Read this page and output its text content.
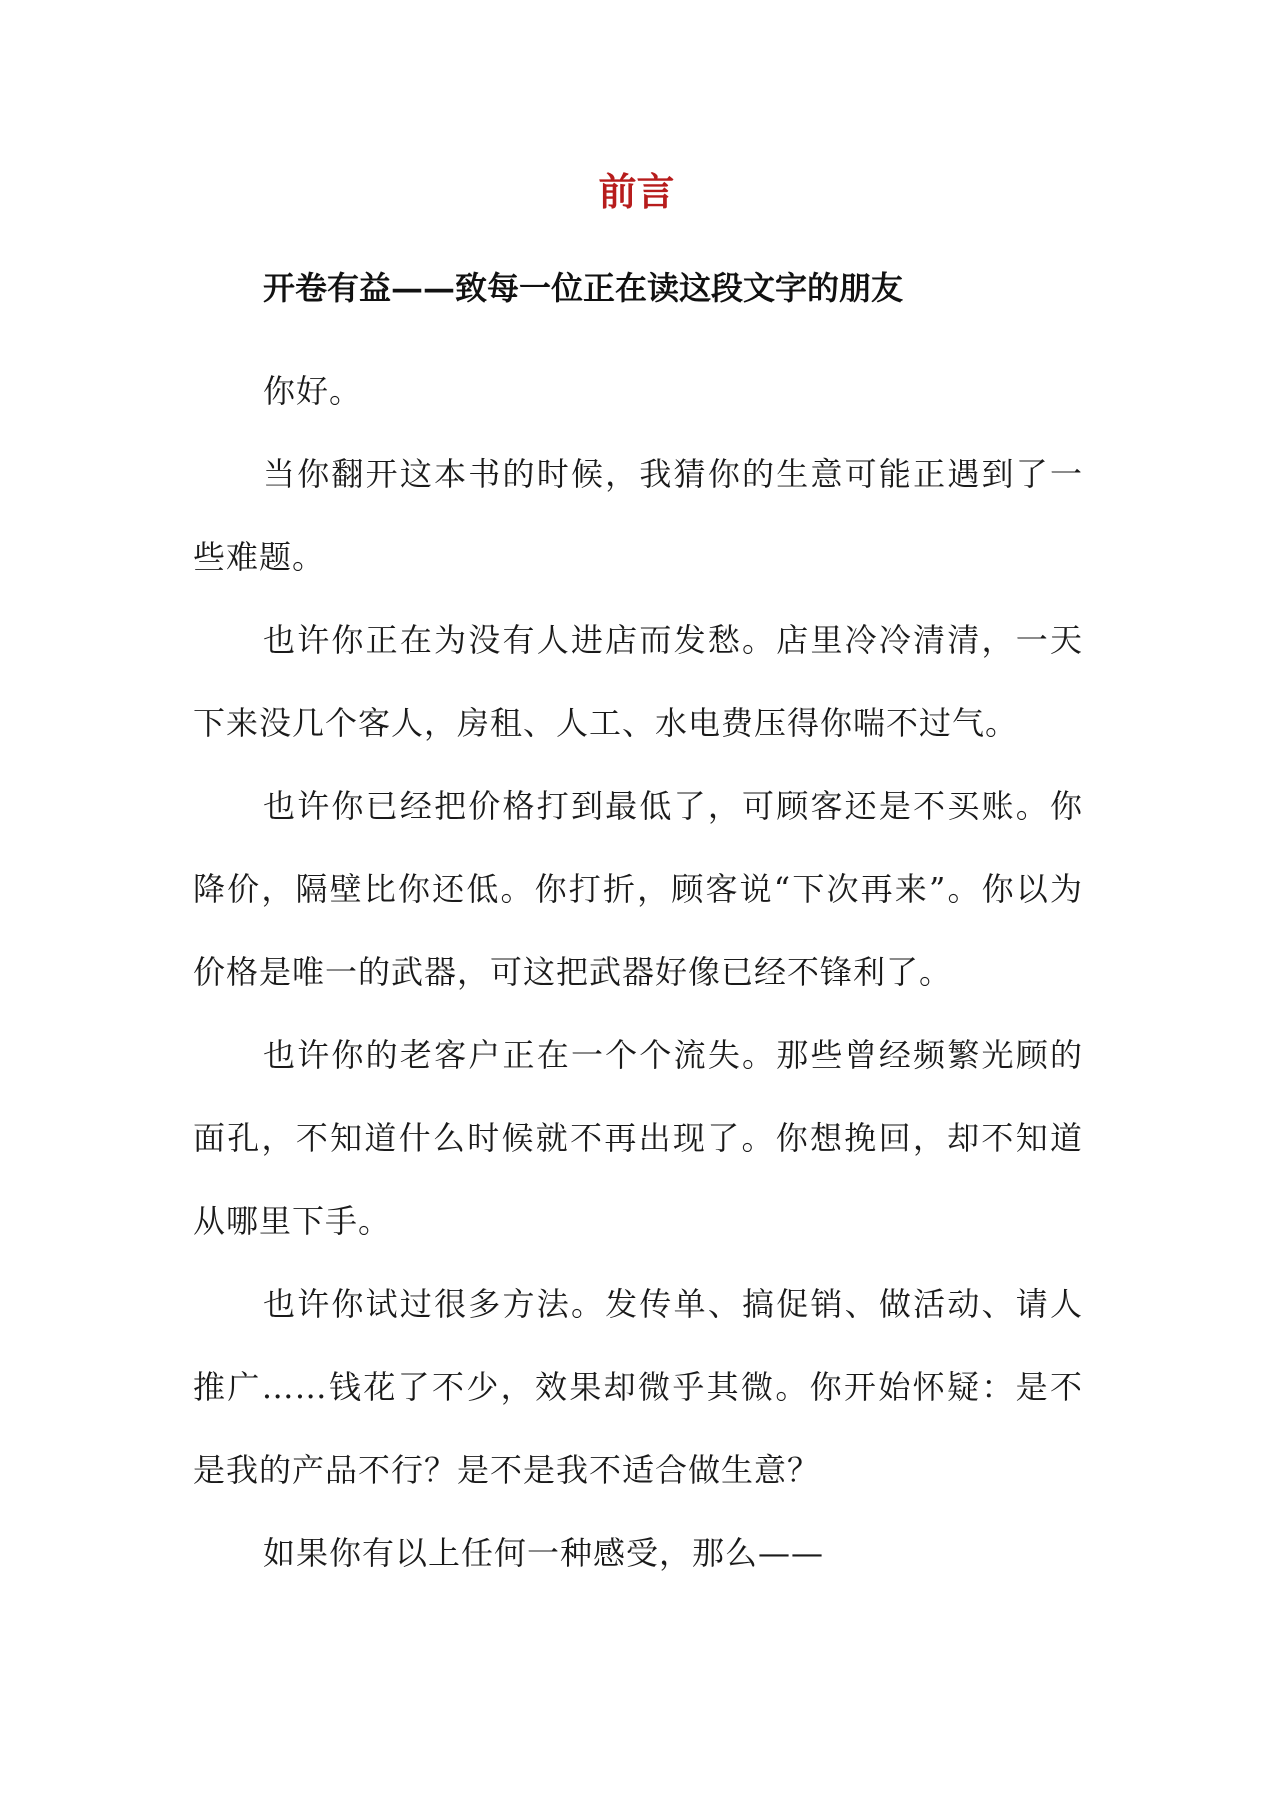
前言
开卷有益——致每一位正在读这段文字的朋友

你好。

当你翻开这本书的时候，我猜你的生意可能正遇到了一些难题。

也许你正在为没有人进店而发愁。店里冷冷清清，一天下来没几个客人，房租、人工、水电费压得你喘不过气。

也许你已经把价格打到最低了，可顾客还是不买账。你降价，隔壁比你还低。你打折，顾客说“下次再来”。你以为价格是唯一的武器，可这把武器好像已经不锋利了。

也许你的老客户正在一个个流失。那些曾经频繁光顾的面孔，不知道什么时候就不再出现了。你想挽回，却不知道从哪里下手。

也许你试过很多方法。发传单、搞促销、做活动、请人推广……钱花了不少，效果却微乎其微。你开始怀疑：是不是我的产品不行？是不是我不适合做生意？

如果你有以上任何一种感受，那么——
